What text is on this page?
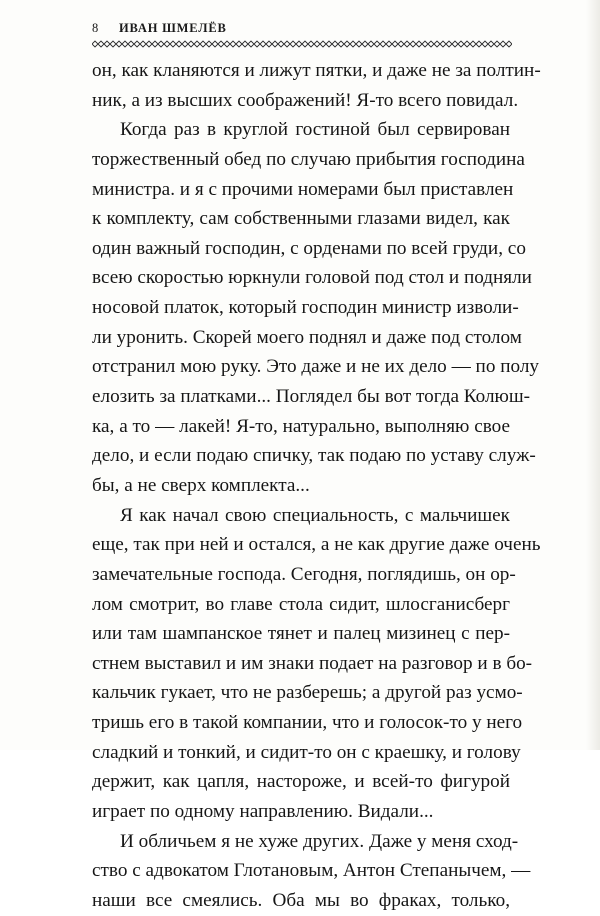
8 ИВАН ШМЕЛЁВ
он, как кланяются и лижут пятки, и даже не за полтин-
ник, а из высших соображений! Я-то всего повидал.
Когда раз в круглой гостиной был сервирован
торжественный обед по случаю прибытия господина
министра. и я с прочими номерами был приставлен
к комплекту, сам собственными глазами видел, как
один важный господин, с орденами по всей груди, со
всею скоростью юркнули головой под стол и подняли
носовой платок, который господин министр изволи-
ли уронить. Скорей моего поднял и даже под столом
отстранил мою руку. Это даже и не их дело — по полу
елозить за платками... Поглядел бы вот тогда Колюш-
ка, а то — лакей! Я-то, натурально, выполняю свое
дело, и если подаю спичку, так подаю по уставу служ-
бы, а не сверх комплекта...
Я как начал свою специальность, с мальчишек
еще, так при ней и остался, а не как другие даже очень
замечательные господа. Сегодня, поглядишь, он ор-
лом смотрит, во главе стола сидит, шлосганисберг
или там шампанское тянет и палец мизинец с пер-
стнем выставил и им знаки подает на разговор и в бо-
кальчик гукает, что не разберешь; а другой раз усмо-
тришь его в такой компании, что и голосок-то у него
сладкий и тонкий, и сидит-то он с краешку, и голову
держит, как цапля, настороже, и всей-то фигурой
играет по одному направлению. Видали...
И обличьем я не хуже других. Даже у меня сход-
ство с адвокатом Глотановым, Антон Степанычем, —
наши все смеялись. Оба мы во фраках, только,
